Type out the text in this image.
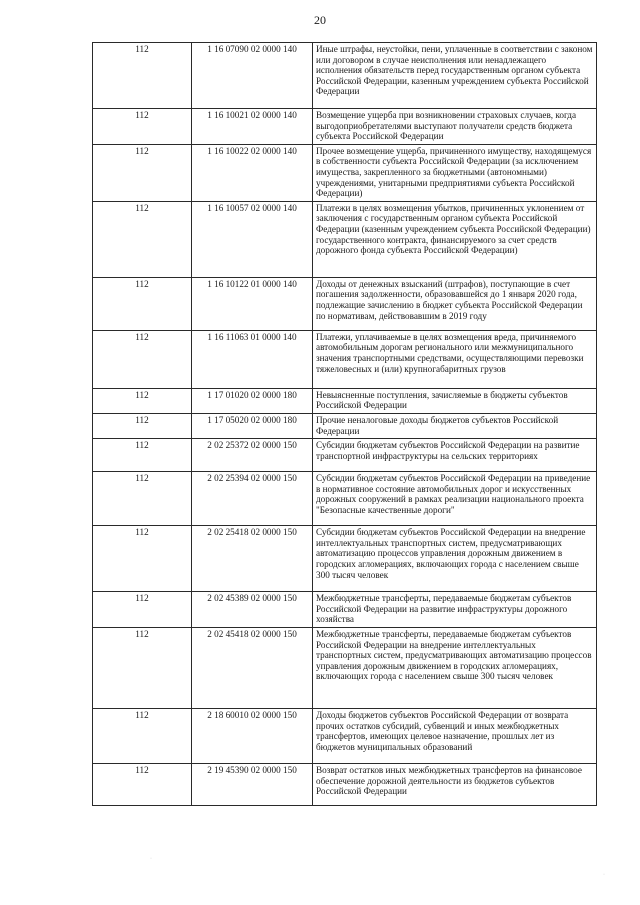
20
112	1 16 07090 02 0000 140	Иные штрафы, неустойки, пени, уплаченные в соответствии с законом или договором в случае неисполнения или ненадлежащего исполнения обязательств перед государственным органом субъекта Российской Федерации, казенным учреждением субъекта Российской Федерации
112	1 16 10021 02 0000 140	Возмещение ущерба при возникновении страховых случаев, когда выгодоприобретателями выступают получатели средств бюджета субъекта Российской Федерации
112	1 16 10022 02 0000 140	Прочее возмещение ущерба, причиненного имуществу, находящемуся в собственности субъекта Российской Федерации (за исключением имущества, закрепленного за бюджетными (автономными) учреждениями, унитарными предприятиями субъекта Российской Федерации)
112	1 16 10057 02 0000 140	Платежи в целях возмещения убытков, причиненных уклонением от заключения с государственным органом субъекта Российской Федерации (казенным учреждением субъекта Российской Федерации) государственного контракта, финансируемого за счет средств дорожного фонда субъекта Российской Федерации)
112	1 16 10122 01 0000 140	Доходы от денежных взысканий (штрафов), поступающие в счет погашения задолженности, образовавшейся до 1 января 2020 года, подлежащие зачислению в бюджет субъекта Российской Федерации по нормативам, действовавшим в 2019 году
112	1 16 11063 01 0000 140	Платежи, уплачиваемые в целях возмещения вреда, причиняемого автомобильным дорогам регионального или межмуниципального значения транспортными средствами, осуществляющими перевозки тяжеловесных и (или) крупногабаритных грузов
112	1 17 01020 02 0000 180	Невыясненные поступления, зачисляемые в бюджеты субъектов Российской Федерации
112	1 17 05020 02 0000 180	Прочие неналоговые доходы бюджетов субъектов Российской Федерации
112	2 02 25372 02 0000 150	Субсидии бюджетам субъектов Российской Федерации на развитие транспортной инфраструктуры на сельских территориях
112	2 02 25394 02 0000 150	Субсидии бюджетам субъектов Российской Федерации на приведение в нормативное состояние автомобильных дорог и искусственных дорожных сооружений в рамках реализации национального проекта "Безопасные качественные дороги"
112	2 02 25418 02 0000 150	Субсидии бюджетам субъектов Российской Федерации на внедрение интеллектуальных транспортных систем, предусматривающих автоматизацию процессов управления дорожным движением в городских агломерациях, включающих города с населением свыше 300 тысяч человек
112	2 02 45389 02 0000 150	Межбюджетные трансферты, передаваемые бюджетам субъектов Российской Федерации на развитие инфраструктуры дорожного хозяйства
112	2 02 45418 02 0000 150	Межбюджетные трансферты, передаваемые бюджетам субъектов Российской Федерации на внедрение интеллектуальных транспортных систем, предусматривающих автоматизацию процессов управления дорожным движением в городских агломерациях, включающих города с населением свыше 300 тысяч человек
112	2 18 60010 02 0000 150	Доходы бюджетов субъектов Российской Федерации от возврата прочих остатков субсидий, субвенций и иных межбюджетных трансфертов, имеющих целевое назначение, прошлых лет из бюджетов муниципальных образований
112	2 19 45390 02 0000 150	Возврат остатков иных межбюджетных трансфертов на финансовое обеспечение дорожной деятельности из бюджетов субъектов Российской Федерации
·
·
